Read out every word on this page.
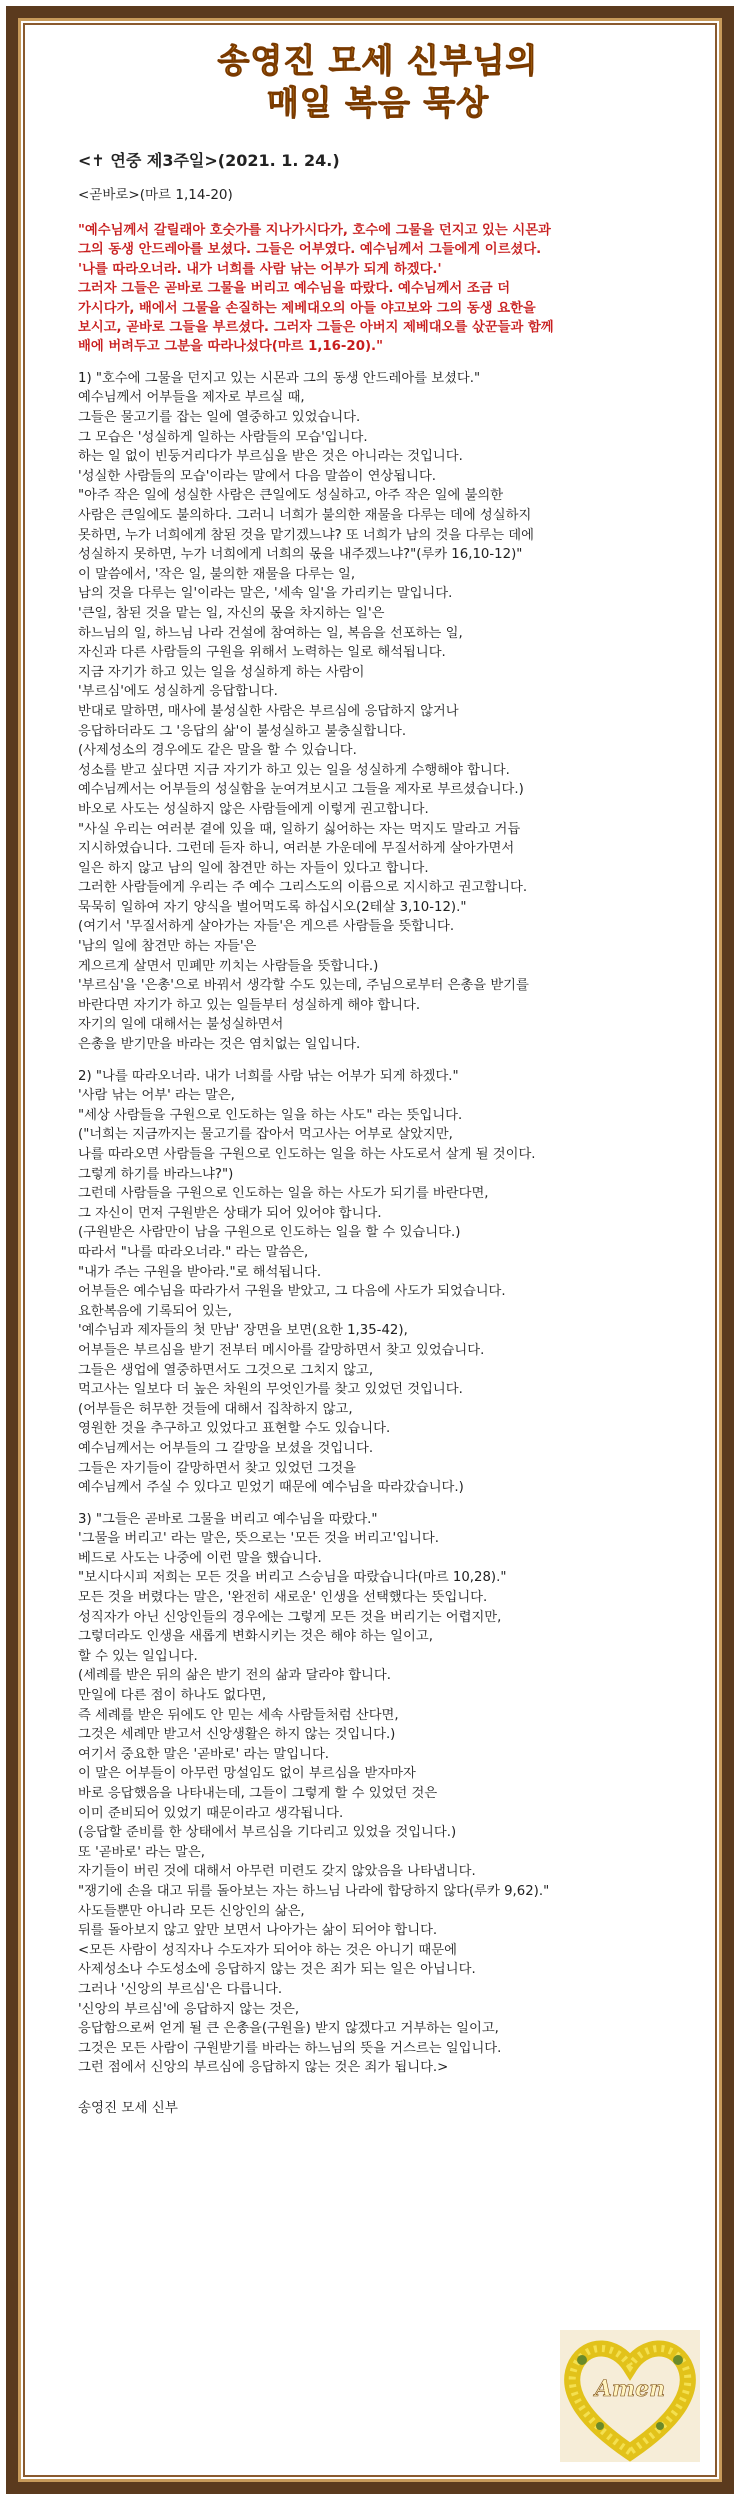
송영진 모세 신부님의
매일 복음 묵상
<✝ 연중 제3주일>(2021. 1. 24.)
<곧바로>(마르 1,14-20)
"예수님께서 갈릴래아 호숫가를 지나가시다가, 호수에 그물을 던지고 있는 시몬과
그의 동생 안드레아를 보셨다. 그들은 어부였다. 예수님께서 그들에게 이르셨다.
'나를 따라오너라. 내가 너희를 사람 낚는 어부가 되게 하겠다.'
그러자 그들은 곧바로 그물을 버리고 예수님을 따랐다. 예수님께서 조금 더
가시다가, 배에서 그물을 손질하는 제베대오의 아들 야고보와 그의 동생 요한을
보시고, 곧바로 그들을 부르셨다. 그러자 그들은 아버지 제베대오를 삯꾼들과 함께
배에 버려두고 그분을 따라나섰다(마르 1,16-20)."
1) "호수에 그물을 던지고 있는 시몬과 그의 동생 안드레아를 보셨다."
예수님께서 어부들을 제자로 부르실 때,
그들은 물고기를 잡는 일에 열중하고 있었습니다.
그 모습은 '성실하게 일하는 사람들의 모습'입니다.
하는 일 없이 빈둥거리다가 부르심을 받은 것은 아니라는 것입니다.
'성실한 사람들의 모습'이라는 말에서 다음 말씀이 연상됩니다.
"아주 작은 일에 성실한 사람은 큰일에도 성실하고, 아주 작은 일에 불의한
사람은 큰일에도 불의하다. 그러니 너희가 불의한 재물을 다루는 데에 성실하지
못하면, 누가 너희에게 참된 것을 맡기겠느냐? 또 너희가 남의 것을 다루는 데에
성실하지 못하면, 누가 너희에게 너희의 몫을 내주겠느냐?"(루카 16,10-12)"
이 말씀에서, '작은 일, 불의한 재물을 다루는 일,
남의 것을 다루는 일'이라는 말은, '세속 일'을 가리키는 말입니다.
'큰일, 참된 것을 맡는 일, 자신의 몫을 차지하는 일'은
하느님의 일, 하느님 나라 건설에 참여하는 일, 복음을 선포하는 일,
자신과 다른 사람들의 구원을 위해서 노력하는 일로 해석됩니다.
지금 자기가 하고 있는 일을 성실하게 하는 사람이
'부르심'에도 성실하게 응답합니다.
반대로 말하면, 매사에 불성실한 사람은 부르심에 응답하지 않거나
응답하더라도 그 '응답의 삶'이 불성실하고 불충실합니다.
(사제성소의 경우에도 같은 말을 할 수 있습니다.
성소를 받고 싶다면 지금 자기가 하고 있는 일을 성실하게 수행해야 합니다.
예수님께서는 어부들의 성실함을 눈여겨보시고 그들을 제자로 부르셨습니다.)
바오로 사도는 성실하지 않은 사람들에게 이렇게 권고합니다.
"사실 우리는 여러분 곁에 있을 때, 일하기 싫어하는 자는 먹지도 말라고 거듭
지시하였습니다. 그런데 듣자 하니, 여러분 가운데에 무질서하게 살아가면서
일은 하지 않고 남의 일에 참견만 하는 자들이 있다고 합니다.
그러한 사람들에게 우리는 주 예수 그리스도의 이름으로 지시하고 권고합니다.
묵묵히 일하여 자기 양식을 벌어먹도록 하십시오(2테살 3,10-12)."
(여기서 '무질서하게 살아가는 자들'은 게으른 사람들을 뜻합니다.
'남의 일에 참견만 하는 자들'은
게으르게 살면서 민폐만 끼치는 사람들을 뜻합니다.)
'부르심'을 '은총'으로 바꿔서 생각할 수도 있는데, 주님으로부터 은총을 받기를
바란다면 자기가 하고 있는 일들부터 성실하게 해야 합니다.
자기의 일에 대해서는 불성실하면서
은총을 받기만을 바라는 것은 염치없는 일입니다.
2) "나를 따라오너라. 내가 너희를 사람 낚는 어부가 되게 하겠다."
'사람 낚는 어부' 라는 말은,
"세상 사람들을 구원으로 인도하는 일을 하는 사도" 라는 뜻입니다.
("너희는 지금까지는 물고기를 잡아서 먹고사는 어부로 살았지만,
나를 따라오면 사람들을 구원으로 인도하는 일을 하는 사도로서 살게 될 것이다.
그렇게 하기를 바라느냐?")
그런데 사람들을 구원으로 인도하는 일을 하는 사도가 되기를 바란다면,
그 자신이 먼저 구원받은 상태가 되어 있어야 합니다.
(구원받은 사람만이 남을 구원으로 인도하는 일을 할 수 있습니다.)
따라서 "나를 따라오너라." 라는 말씀은,
"내가 주는 구원을 받아라."로 해석됩니다.
어부들은 예수님을 따라가서 구원을 받았고, 그 다음에 사도가 되었습니다.
요한복음에 기록되어 있는,
'예수님과 제자들의 첫 만남' 장면을 보면(요한 1,35-42),
어부들은 부르심을 받기 전부터 메시아를 갈망하면서 찾고 있었습니다.
그들은 생업에 열중하면서도 그것으로 그치지 않고,
먹고사는 일보다 더 높은 차원의 무엇인가를 찾고 있었던 것입니다.
(어부들은 허무한 것들에 대해서 집착하지 않고,
영원한 것을 추구하고 있었다고 표현할 수도 있습니다.
예수님께서는 어부들의 그 갈망을 보셨을 것입니다.
그들은 자기들이 갈망하면서 찾고 있었던 그것을
예수님께서 주실 수 있다고 믿었기 때문에 예수님을 따라갔습니다.)
3) "그들은 곧바로 그물을 버리고 예수님을 따랐다."
'그물을 버리고' 라는 말은, 뜻으로는 '모든 것을 버리고'입니다.
베드로 사도는 나중에 이런 말을 했습니다.
"보시다시피 저희는 모든 것을 버리고 스승님을 따랐습니다(마르 10,28)."
모든 것을 버렸다는 말은, '완전히 새로운' 인생을 선택했다는 뜻입니다.
성직자가 아닌 신앙인들의 경우에는 그렇게 모든 것을 버리기는 어렵지만,
그렇더라도 인생을 새롭게 변화시키는 것은 해야 하는 일이고,
할 수 있는 일입니다.
(세례를 받은 뒤의 삶은 받기 전의 삶과 달라야 합니다.
만일에 다른 점이 하나도 없다면,
즉 세례를 받은 뒤에도 안 믿는 세속 사람들처럼 산다면,
그것은 세례만 받고서 신앙생활은 하지 않는 것입니다.)
여기서 중요한 말은 '곧바로' 라는 말입니다.
이 말은 어부들이 아무런 망설임도 없이 부르심을 받자마자
바로 응답했음을 나타내는데, 그들이 그렇게 할 수 있었던 것은
이미 준비되어 있었기 때문이라고 생각됩니다.
(응답할 준비를 한 상태에서 부르심을 기다리고 있었을 것입니다.)
또 '곧바로' 라는 말은,
자기들이 버린 것에 대해서 아무런 미련도 갖지 않았음을 나타냅니다.
"쟁기에 손을 대고 뒤를 돌아보는 자는 하느님 나라에 합당하지 않다(루카 9,62)."
사도들뿐만 아니라 모든 신앙인의 삶은,
뒤를 돌아보지 않고 앞만 보면서 나아가는 삶이 되어야 합니다.
<모든 사람이 성직자나 수도자가 되어야 하는 것은 아니기 때문에
사제성소나 수도성소에 응답하지 않는 것은 죄가 되는 일은 아닙니다.
그러나 '신앙의 부르심'은 다릅니다.
'신앙의 부르심'에 응답하지 않는 것은,
응답함으로써 얻게 될 큰 은총을(구원을) 받지 않겠다고 거부하는 일이고,
그것은 모든 사람이 구원받기를 바라는 하느님의 뜻을 거스르는 일입니다.
그런 점에서 신앙의 부르심에 응답하지 않는 것은 죄가 됩니다.>
송영진 모세 신부
Amen
